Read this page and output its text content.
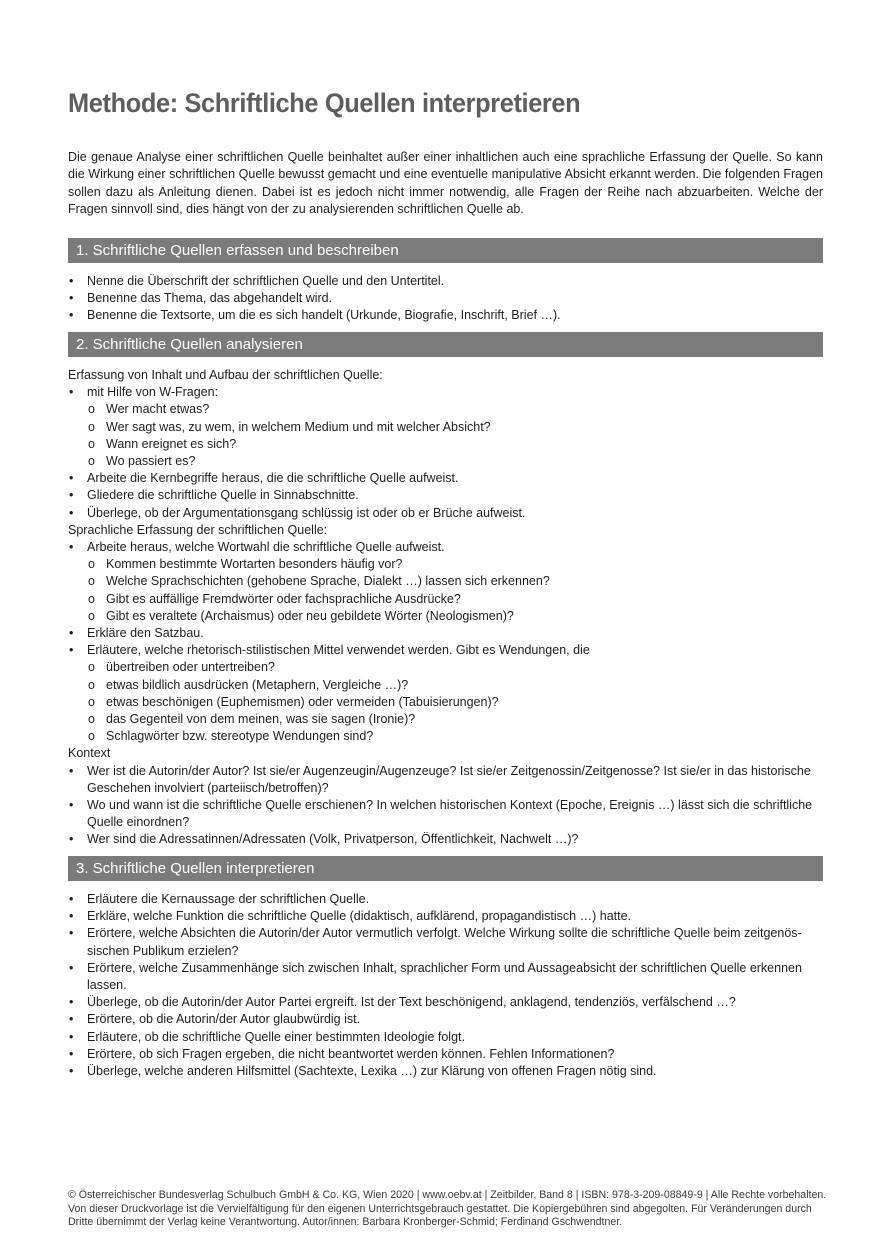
Methode: Schriftliche Quellen interpretieren

Die genaue Analyse einer schriftlichen Quelle beinhaltet außer einer inhaltlichen auch eine sprachliche Erfassung der Quelle. So kann die Wirkung einer schriftlichen Quelle bewusst gemacht und eine eventuelle manipulative Absicht erkannt werden. Die folgenden Fragen sollen dazu als Anleitung dienen. Dabei ist es jedoch nicht immer notwendig, alle Fragen der Reihe nach abzuarbeiten. Welche der Fragen sinnvoll sind, dies hängt von der zu analysierenden schriftlichen Quelle ab.

1. Schriftliche Quellen erfassen und beschreiben
• Nenne die Überschrift der schriftlichen Quelle und den Untertitel.
• Benenne das Thema, das abgehandelt wird.
• Benenne die Textsorte, um die es sich handelt (Urkunde, Biografie, Inschrift, Brief …).
2. Schriftliche Quellen analysieren
Erfassung von Inhalt und Aufbau der schriftlichen Quelle:
• mit Hilfe von W-Fragen:
o Wer macht etwas?
o Wer sagt was, zu wem, in welchem Medium und mit welcher Absicht?
o Wann ereignet es sich?
o Wo passiert es?
• Arbeite die Kernbegriffe heraus, die die schriftliche Quelle aufweist.
• Gliedere die schriftliche Quelle in Sinnabschnitte.
• Überlege, ob der Argumentationsgang schlüssig ist oder ob er Brüche aufweist.
Sprachliche Erfassung der schriftlichen Quelle:
• Arbeite heraus, welche Wortwahl die schriftliche Quelle aufweist.
o Kommen bestimmte Wortarten besonders häufig vor?
o Welche Sprachschichten (gehobene Sprache, Dialekt …) lassen sich erkennen?
o Gibt es auffällige Fremdwörter oder fachsprachliche Ausdrücke?
o Gibt es veraltete (Archaismus) oder neu gebildete Wörter (Neologismen)?
• Erkläre den Satzbau.
• Erläutere, welche rhetorisch-stilistischen Mittel verwendet werden. Gibt es Wendungen, die
o übertreiben oder untertreiben?
o etwas bildlich ausdrücken (Metaphern, Vergleiche …)?
o etwas beschönigen (Euphemismen) oder vermeiden (Tabuisierungen)?
o das Gegenteil von dem meinen, was sie sagen (Ironie)?
o Schlagwörter bzw. stereotype Wendungen sind?
Kontext
• Wer ist die Autorin/der Autor? Ist sie/er Augenzeugin/Augenzeuge? Ist sie/er Zeitgenossin/Zeitgenosse? Ist sie/er in das historische Geschehen involviert (parteiisch/betroffen)?
• Wo und wann ist die schriftliche Quelle erschienen? In welchen historischen Kontext (Epoche, Ereignis …) lässt sich die schriftliche Quelle einordnen?
• Wer sind die Adressatinnen/Adressaten (Volk, Privatperson, Öffentlichkeit, Nachwelt …)?
3. Schriftliche Quellen interpretieren
• Erläutere die Kernaussage der schriftlichen Quelle.
• Erkläre, welche Funktion die schriftliche Quelle (didaktisch, aufklärend, propagandistisch …) hatte.
• Erörtere, welche Absichten die Autorin/der Autor vermutlich verfolgt. Welche Wirkung sollte die schriftliche Quelle beim zeitgenös- sischen Publikum erzielen?
• Erörtere, welche Zusammenhänge sich zwischen Inhalt, sprachlicher Form und Aussageabsicht der schriftlichen Quelle erkennen lassen.
• Überlege, ob die Autorin/der Autor Partei ergreift. Ist der Text beschönigend, anklagend, tendenziös, verfälschend …?
• Erörtere, ob die Autorin/der Autor glaubwürdig ist.
• Erläutere, ob die schriftliche Quelle einer bestimmten Ideologie folgt.
• Erörtere, ob sich Fragen ergeben, die nicht beantwortet werden können. Fehlen Informationen?
• Überlege, welche anderen Hilfsmittel (Sachtexte, Lexika …) zur Klärung von offenen Fragen nötig sind.

© Österreichischer Bundesverlag Schulbuch GmbH & Co. KG, Wien 2020 | www.oebv.at | Zeitbilder, Band 8 | ISBN: 978-3-209-08849-9 | Alle Rechte vorbehalten. Von dieser Druckvorlage ist die Vervielfältigung für den eigenen Unterrichtsgebrauch gestattet. Die Kopiergebühren sind abgegolten. Für Veränderungen durch Dritte übernimmt der Verlag keine Verantwortung. Autor/innen: Barbara Kronberger-Schmid; Ferdinand Gschwendtner.
